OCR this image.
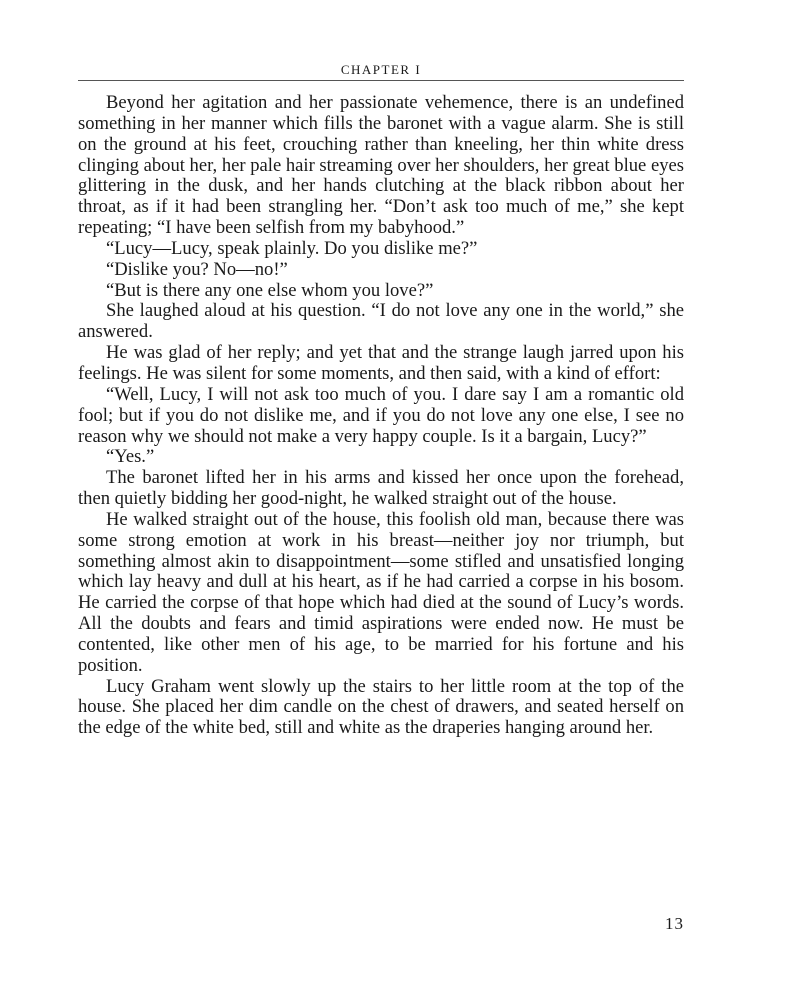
CHAPTER I

Beyond her agitation and her passionate vehemence, there is an undefined something in her manner which fills the baronet with a vague alarm. She is still on the ground at his feet, crouching rather than kneeling, her thin white dress clinging about her, her pale hair streaming over her shoulders, her great blue eyes glittering in the dusk, and her hands clutching at the black ribbon about her throat, as if it had been strangling her. “Don’t ask too much of me,” she kept repeating; “I have been selfish from my babyhood.”

“Lucy—Lucy, speak plainly. Do you dislike me?”

“Dislike you? No—no!”

“But is there any one else whom you love?”

She laughed aloud at his question. “I do not love any one in the world,” she answered.

He was glad of her reply; and yet that and the strange laugh jarred upon his feelings. He was silent for some moments, and then said, with a kind of effort:

“Well, Lucy, I will not ask too much of you. I dare say I am a romantic old fool; but if you do not dislike me, and if you do not love any one else, I see no reason why we should not make a very happy couple. Is it a bargain, Lucy?”

“Yes.”

The baronet lifted her in his arms and kissed her once upon the forehead, then quietly bidding her good-night, he walked straight out of the house.

He walked straight out of the house, this foolish old man, because there was some strong emotion at work in his breast—neither joy nor triumph, but something almost akin to disappointment—some stifled and unsatisfied longing which lay heavy and dull at his heart, as if he had carried a corpse in his bosom. He carried the corpse of that hope which had died at the sound of Lucy’s words. All the doubts and fears and timid aspirations were ended now. He must be contented, like other men of his age, to be married for his fortune and his position.

Lucy Graham went slowly up the stairs to her little room at the top of the house. She placed her dim candle on the chest of drawers, and seated herself on the edge of the white bed, still and white as the draperies hanging around her.

13
